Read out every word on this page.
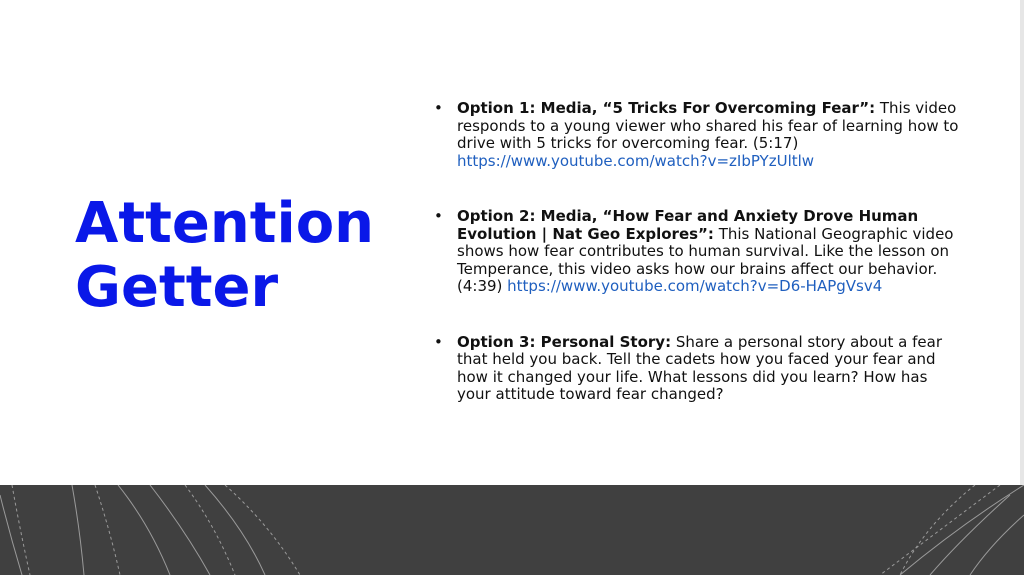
Attention
Getter
• Option 1: Media, “5 Tricks For Overcoming Fear”: This video responds to a young viewer who shared his fear of learning how to drive with 5 tricks for overcoming fear. (5:17) https://www.youtube.com/watch?v=zIbPYzUltlw
• Option 2: Media, “How Fear and Anxiety Drove Human Evolution | Nat Geo Explores”: This National Geographic video shows how fear contributes to human survival. Like the lesson on Temperance, this video asks how our brains affect our behavior. (4:39) https://www.youtube.com/watch?v=D6-HAPgVsv4
• Option 3: Personal Story: Share a personal story about a fear that held you back. Tell the cadets how you faced your fear and how it changed your life. What lessons did you learn? How has your attitude toward fear changed?
